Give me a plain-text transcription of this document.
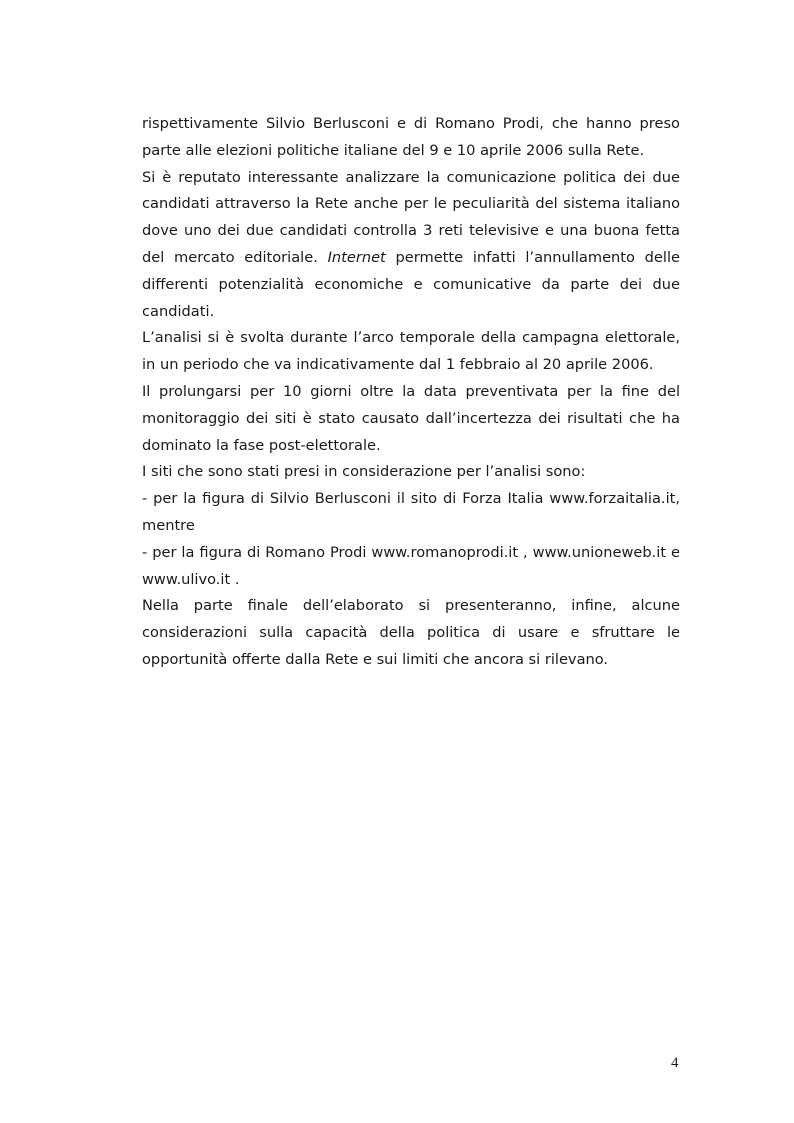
rispettivamente Silvio Berlusconi e di Romano Prodi, che hanno preso parte alle elezioni politiche italiane del 9 e 10 aprile 2006 sulla Rete.

Si è reputato interessante analizzare la comunicazione politica dei due candidati attraverso la Rete anche per le peculiarità del sistema italiano dove uno dei due candidati controlla 3 reti televisive e una buona fetta del mercato editoriale. Internet permette infatti l’annullamento delle differenti potenzialità economiche e comunicative da parte dei due candidati.

L’analisi si è svolta durante l’arco temporale della campagna elettorale, in un periodo che va indicativamente dal 1 febbraio al 20 aprile 2006.

Il prolungarsi per 10 giorni oltre la data preventivata per la fine del monitoraggio dei siti è stato causato dall’incertezza dei risultati che ha dominato la fase post-elettorale.

I siti che sono stati presi in considerazione per l’analisi sono:

- per la figura di Silvio Berlusconi il sito di Forza Italia www.forzaitalia.it, mentre

- per la figura di Romano Prodi www.romanoprodi.it , www.unioneweb.it e www.ulivo.it .

Nella parte finale dell’elaborato si presenteranno, infine, alcune considerazioni sulla capacità della politica di usare e sfruttare le opportunità offerte dalla Rete e sui limiti che ancora si rilevano.

4
